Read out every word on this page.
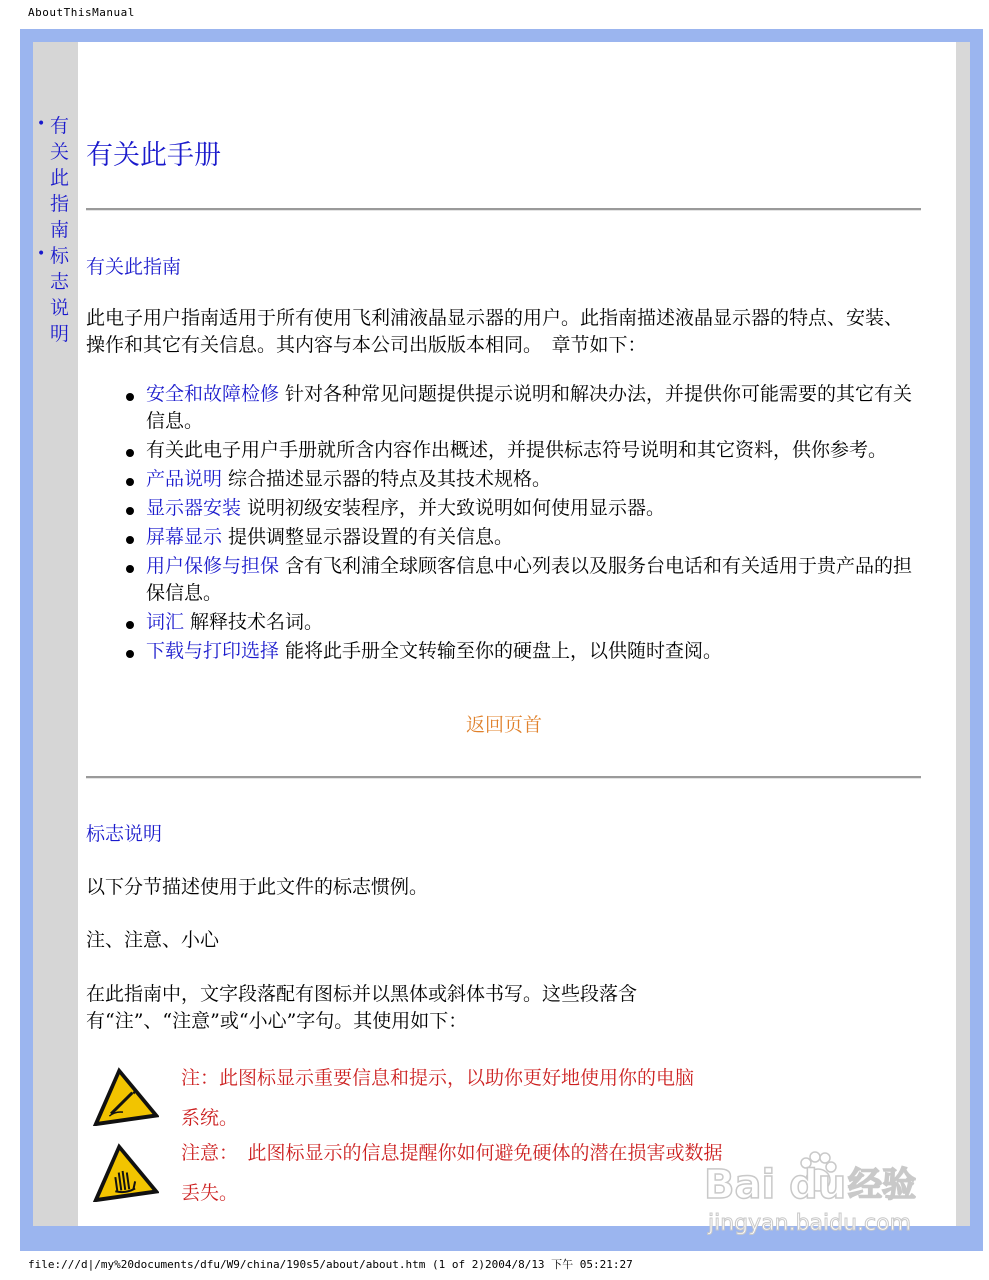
AboutThisManual
• 有关此指南
• 标志说明
有关此手册
有关此指南

此电子用户指南适用于所有使用飞利浦液晶显示器的用户。此指南描述液晶显示器的特点、安装、操作和其它有关信息。其内容与本公司出版版本相同。　章节如下：

安全和故障检修 针对各种常见问题提供提示说明和解决办法，并提供你可能需要的其它有关信息。
有关此电子用户手册就所含内容作出概述，并提供标志符号说明和其它资料，供你参考。
产品说明 综合描述显示器的特点及其技术规格。
显示器安装 说明初级安装程序，并大致说明如何使用显示器。
屏幕显示 提供调整显示器设置的有关信息。
用户保修与担保 含有飞利浦全球顾客信息中心列表以及服务台电话和有关适用于贵产品的担保信息。
词汇 解释技术名词。
下载与打印选择 能将此手册全文转输至你的硬盘上，以供随时查阅。
返回页首
标志说明

以下分节描述使用于此文件的标志惯例。

注、注意、小心

在此指南中，文字段落配有图标并以黑体或斜体书写。这些段落含有“注”、“注意”或“小心”字句。其使用如下：

注：此图标显示重要信息和提示，以助你更好地使用你的电脑系统。

注意：　此图标显示的信息提醒你如何避免硬体的潜在损害或数据丢失。	Bai du 经验
jingyan.baidu.com
file:///d|/my%20documents/dfu/W9/china/190s5/about/about.htm (1 of 2)2004/8/13 下午 05:21:27
